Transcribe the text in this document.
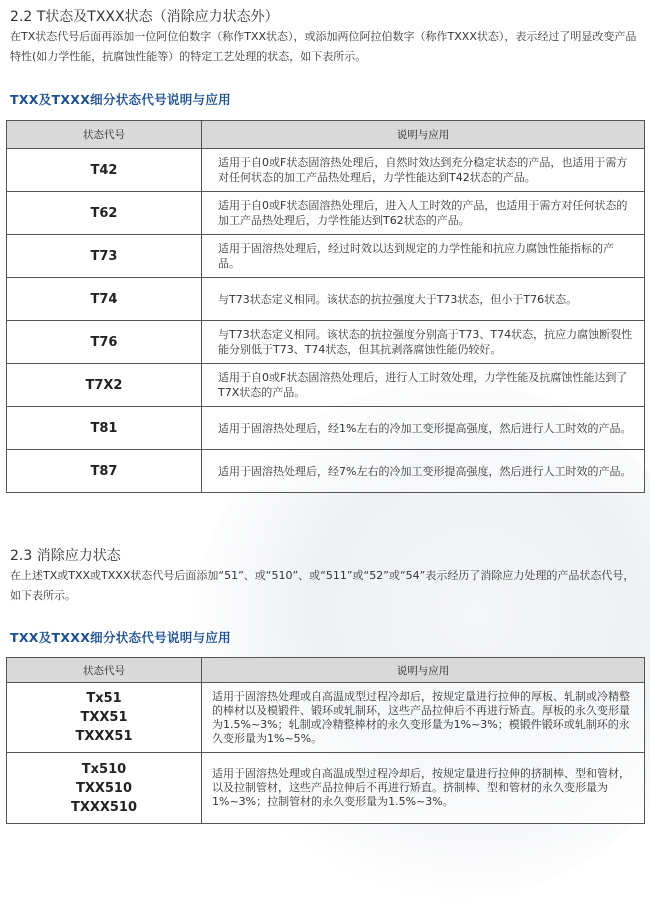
2.2 T状态及TXXX状态（消除应力状态外）
在TX状态代号后面再添加一位阿位伯数字（称作TXX状态），或添加两位阿拉伯数字（称作TXXX状态），表示经过了明显改变产品特性(如力学性能，抗腐蚀性能等）的特定工艺处理的状态，如下表所示。
TXX及TXXX细分状态代号说明与应用
状态代号	说明与应用
T42	适用于自0或F状态固溶热处理后，自然时效达到充分稳定状态的产品，也适用于需方对任何状态的加工产品热处理后，力学性能达到T42状态的产品。
T62	适用于自0或F状态固溶热处理后，进入人工时效的产品，也适用于需方对任何状态的加工产品热处理后，力学性能达到T62状态的产品。
T73	适用于固溶热处理后，经过时效以达到规定的力学性能和抗应力腐蚀性能指标的产品。
T74	与T73状态定义相同。该状态的抗拉强度大于T73状态，但小于T76状态。
T76	与T73状态定义相同。该状态的抗拉强度分别高于T73、T74状态，抗应力腐蚀断裂性能分别低于T73、T74状态，但其抗剥落腐蚀性能仍较好。
T7X2	适用于自0或F状态固溶热处理后，进行人工时效处理，力学性能及抗腐蚀性能达到了T7X状态的产品。
T81	适用于固溶热处理后，经1%左右的冷加工变形提高强度，然后进行人工时效的产品。
T87	适用于固溶热处理后，经7%左右的冷加工变形提高强度，然后进行人工时效的产品。
2.3 消除应力状态
在上述TX或TXX或TXXX状态代号后面添加“51”、或“510”、或“511”或“52”或“54”表示经历了消除应力处理的产品状态代号，如下表所示。
TXX及TXXX细分状态代号说明与应用
状态代号	说明与应用

Tx51
TXX51
TXXX51	适用于固溶热处理或自高温成型过程冷却后，按规定量进行拉伸的厚板、轧制或冷精整的棒材以及模锻件、锻环或轧制环，这些产品拉伸后不再进行矫直。厚板的永久变形量为1.5%~3%；轧制或冷精整棒材的永久变形量为1%~3%；模锻件锻环或轧制环的永久变形量为1%~5%。

Tx510
TXX510
TXXX510	适用于固溶热处理或自高温成型过程冷却后，按规定量进行拉伸的挤制棒、型和管材，以及拉制管材，这些产品拉伸后不再进行矫直。挤制棒、型和管材的永久变形量为1%~3%；拉制管材的永久变形量为1.5%~3%。
